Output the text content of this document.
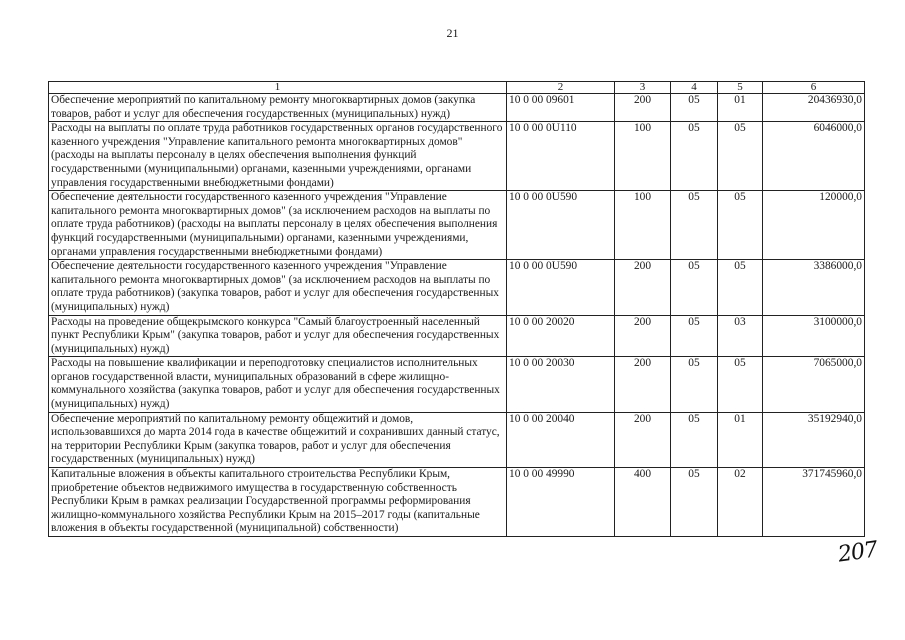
21
1	2	3	4	5	6
Обеспечение мероприятий по капитальному ремонту многоквартирных домов (закупка товаров, работ и услуг для обеспечения государственных (муниципальных) нужд)	10 0 00 09601	200	05	01	20436930,0
Расходы на выплаты по оплате труда работников государственных органов государственного казенного учреждения "Управление капитального ремонта многоквартирных домов" (расходы на выплаты персоналу в целях обеспечения выполнения функций государственными (муниципальными) органами, казенными учреждениями, органами управления государственными внебюджетными фондами)	10 0 00 0U110	100	05	05	6046000,0
Обеспечение деятельности государственного казенного учреждения "Управление капитального ремонта многоквартирных домов" (за исключением расходов на выплаты по оплате труда работников) (расходы на выплаты персоналу в целях обеспечения выполнения функций государственными (муниципальными) органами, казенными учреждениями, органами управления государственными внебюджетными фондами)	10 0 00 0U590	100	05	05	120000,0
Обеспечение деятельности государственного казенного учреждения "Управление капитального ремонта многоквартирных домов" (за исключением расходов на выплаты по оплате труда работников) (закупка товаров, работ и услуг для обеспечения государственных (муниципальных) нужд)	10 0 00 0U590	200	05	05	3386000,0
Расходы на проведение общекрымского конкурса "Самый благоустроенный населенный пункт Республики Крым" (закупка товаров, работ и услуг для обеспечения государственных (муниципальных) нужд)	10 0 00 20020	200	05	03	3100000,0
Расходы на повышение квалификации и переподготовку специалистов исполнительных органов государственной власти, муниципальных образований в сфере жилищно-коммунального хозяйства (закупка товаров, работ и услуг для обеспечения государственных (муниципальных) нужд)	10 0 00 20030	200	05	05	7065000,0
Обеспечение мероприятий по капитальному ремонту общежитий и домов, использовавшихся до марта 2014 года в качестве общежитий и сохранивших данный статус, на территории Республики Крым (закупка товаров, работ и услуг для обеспечения государственных (муниципальных) нужд)	10 0 00 20040	200	05	01	35192940,0
Капитальные вложения в объекты капитального строительства Республики Крым, приобретение объектов недвижимого имущества в государственную собственность Республики Крым в рамках реализации Государственной программы реформирования жилищно-коммунального хозяйства Республики Крым на 2015–2017 годы (капитальные вложения в объекты государственной (муниципальной) собственности)	10 0 00 49990	400	05	02	371745960,0
207
